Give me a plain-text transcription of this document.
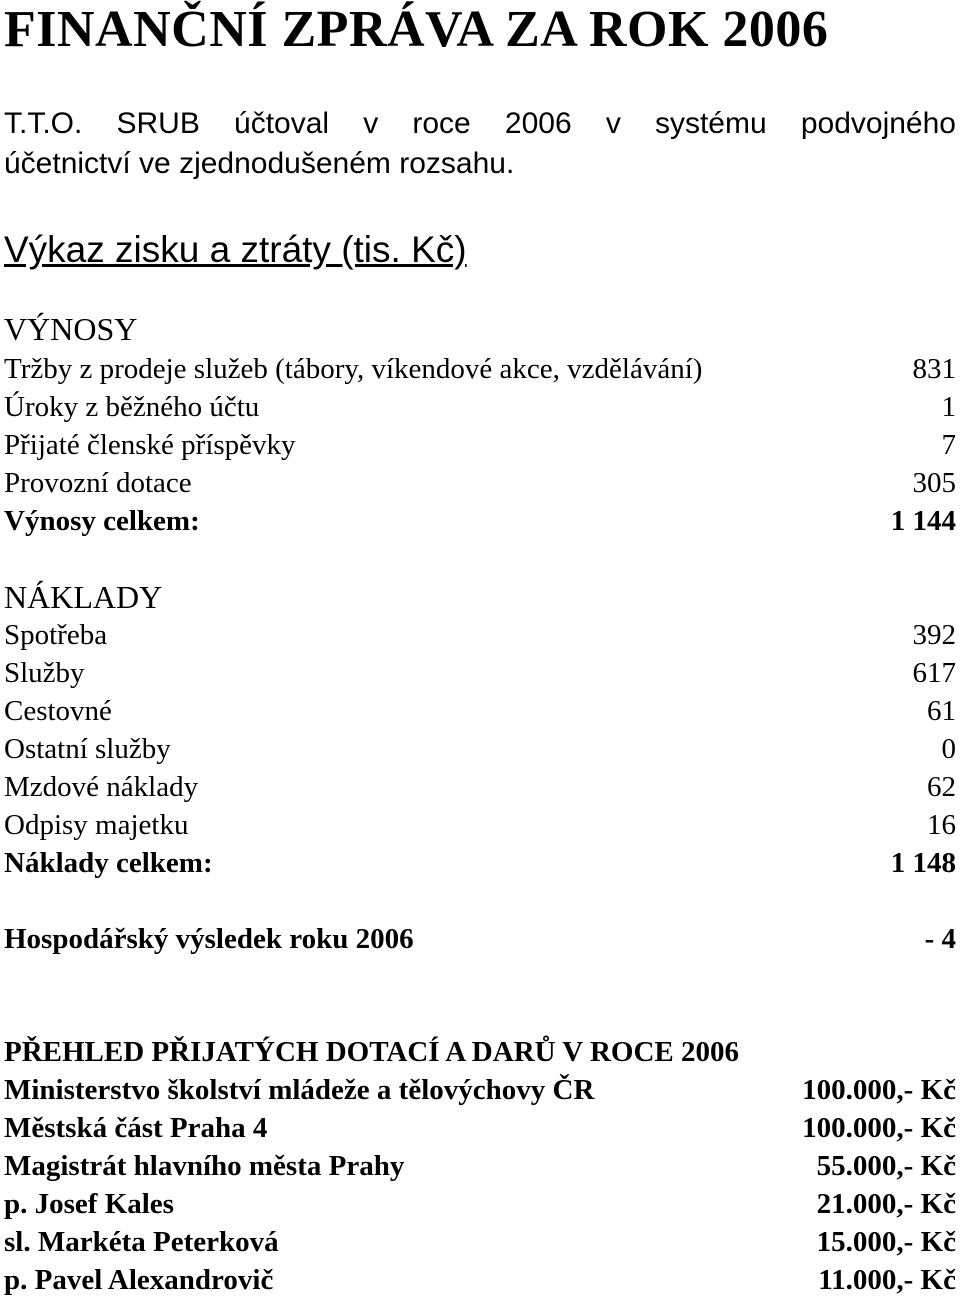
FINANČNÍ ZPRÁVA ZA ROK 2006
T.T.O. SRUB účtoval v roce 2006 v systému podvojného
účetnictví ve zjednodušeném rozsahu.
Výkaz zisku a ztráty (tis. Kč)
VÝNOSY
Tržby z prodeje služeb (tábory, víkendové akce, vzdělávání)	831
Úroky z běžného účtu	1
Přijaté členské příspěvky	7
Provozní dotace	305
Výnosy celkem:	1 144
NÁKLADY
Spotřeba	392
Služby	617
Cestovné	61
Ostatní služby	0
Mzdové náklady	62
Odpisy majetku	16
Náklady celkem:	1 148
Hospodářský výsledek roku 2006	- 4
PŘEHLED PŘIJATÝCH DOTACÍ A DARŮ V ROCE 2006
Ministerstvo školství mládeže a tělovýchovy ČR	100.000,- Kč
Městská část Praha 4	100.000,- Kč
Magistrát hlavního města Prahy	55.000,- Kč
p. Josef Kales	21.000,- Kč
sl. Markéta Peterková	15.000,- Kč
p. Pavel Alexandrovič	11.000,- Kč
